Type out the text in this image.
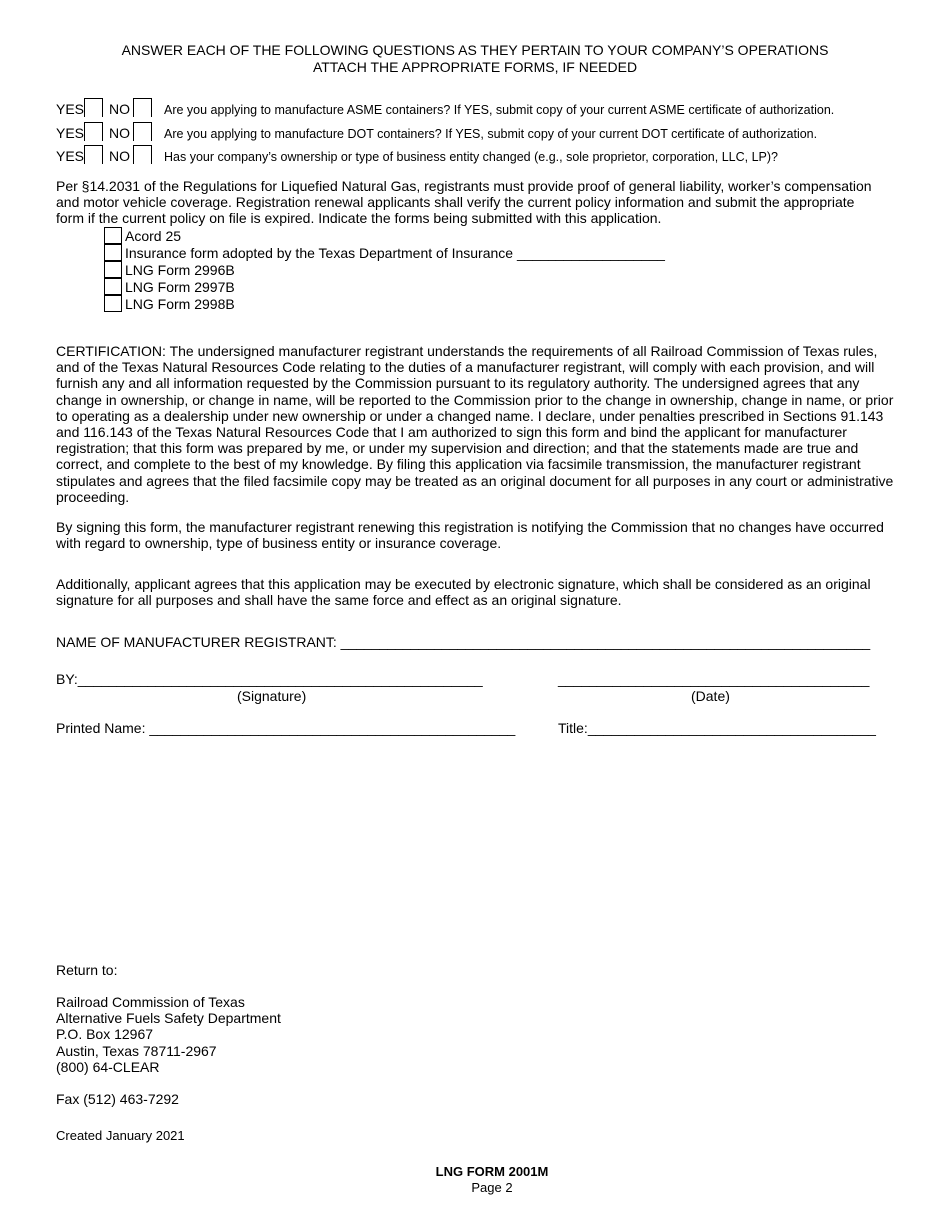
ANSWER EACH OF THE FOLLOWING QUESTIONS AS THEY PERTAIN TO YOUR COMPANY’S OPERATIONS
ATTACH THE APPROPRIATE FORMS, IF NEEDED
YES NO	Are you applying to manufacture ASME containers? If YES, submit copy of your current ASME certificate of authorization.
YES NO	Are you applying to manufacture DOT containers? If YES, submit copy of your current DOT certificate of authorization.
YES NO	Has your company’s ownership or type of business entity changed (e.g., sole proprietor, corporation, LLC, LP)?
Per §14.2031 of the Regulations for Liquefied Natural Gas, registrants must provide proof of general liability, worker’s compensation and motor vehicle coverage. Registration renewal applicants shall verify the current policy information and submit the appropriate form if the current policy on file is expired. Indicate the forms being submitted with this application.
Acord 25
Insurance form adopted by the Texas Department of Insurance ___________________
LNG Form 2996B
LNG Form 2997B
LNG Form 2998B
CERTIFICATION: The undersigned manufacturer registrant understands the requirements of all Railroad Commission of Texas rules, and of the Texas Natural Resources Code relating to the duties of a manufacturer registrant, will comply with each provision, and will furnish any and all information requested by the Commission pursuant to its regulatory authority. The undersigned agrees that any change in ownership, or change in name, will be reported to the Commission prior to the change in ownership, change in name, or prior to operating as a dealership under new ownership or under a changed name. I declare, under penalties prescribed in Sections 91.143 and 116.143 of the Texas Natural Resources Code that I am authorized to sign this form and bind the applicant for manufacturer registration; that this form was prepared by me, or under my supervision and direction; and that the statements made are true and correct, and complete to the best of my knowledge. By filing this application via facsimile transmission, the manufacturer registrant stipulates and agrees that the filed facsimile copy may be treated as an original document for all purposes in any court or administrative proceeding.
By signing this form, the manufacturer registrant renewing this registration is notifying the Commission that no changes have occurred with regard to ownership, type of business entity or insurance coverage.
Additionally, applicant agrees that this application may be executed by electronic signature, which shall be considered as an original signature for all purposes and shall have the same force and effect as an original signature.
NAME OF MANUFACTURER REGISTRANT: ____________________________________________________________________
BY:____________________________________________________	________________________________________
(Signature)	(Date)
Printed Name: _______________________________________________	Title:_____________________________________
Return to:
Railroad Commission of Texas
Alternative Fuels Safety Department
P.O. Box 12967
Austin, Texas 78711-2967
(800) 64-CLEAR
Fax (512) 463-7292
Created January 2021
LNG FORM 2001M
Page 2
